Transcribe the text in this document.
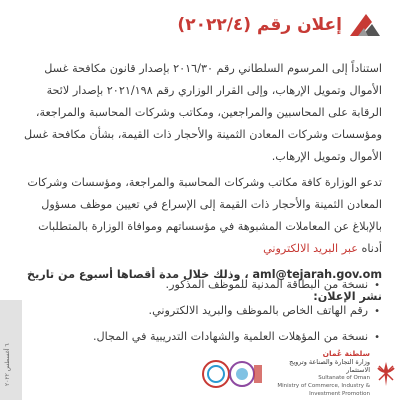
إعلان رقم (٢٠٢٢/٤)

استناداً إلى المرسوم السلطاني رقم ٢٠١٦/٣٠ بإصدار قانون مكافحة غسل الأموال وتمويل الإرهاب، وإلى القرار الوزاري رقم ٢٠٢١/١٩٨ بإصدار لائحة الرقابة على المحاسبين والمراجعين، ومكاتب وشركات المحاسبة والمراجعة، ومؤسسات وشركات المعادن الثمينة والأحجار ذات القيمة، بشأن مكافحة غسل الأموال وتمويل الإرهاب.

تدعو الوزارة كافة مكاتب وشركات المحاسبة والمراجعة، ومؤسسات وشركات المعادن الثمينة والأحجار ذات القيمة إلى الإسراع في تعيين موظف مسؤول بالإبلاغ عن المعاملات المشبوهة في مؤسساتهم وموافاة الوزارة بالمتطلبات أدناه عبر البريد الالكتروني

aml@tejarah.gov.om ، وذلك خلال مدة أقصاها أسبوع من تاريخ نشر الإعلان:

•نسخة من البطاقة المدنية للموظف المذكور.
•رقم الهاتف الخاص بالموظف والبريد الالكتروني.
•نسخة من المؤهلات العلمية والشهادات التدريبية في المجال.
٦ أغسطس ٢٠٢٢
سلطنة عُمان
وزارة التجارة والصناعة وترويج الاستثمار
Sultanate of Oman
Ministry of Commerce, Industry & Investment Promotion
